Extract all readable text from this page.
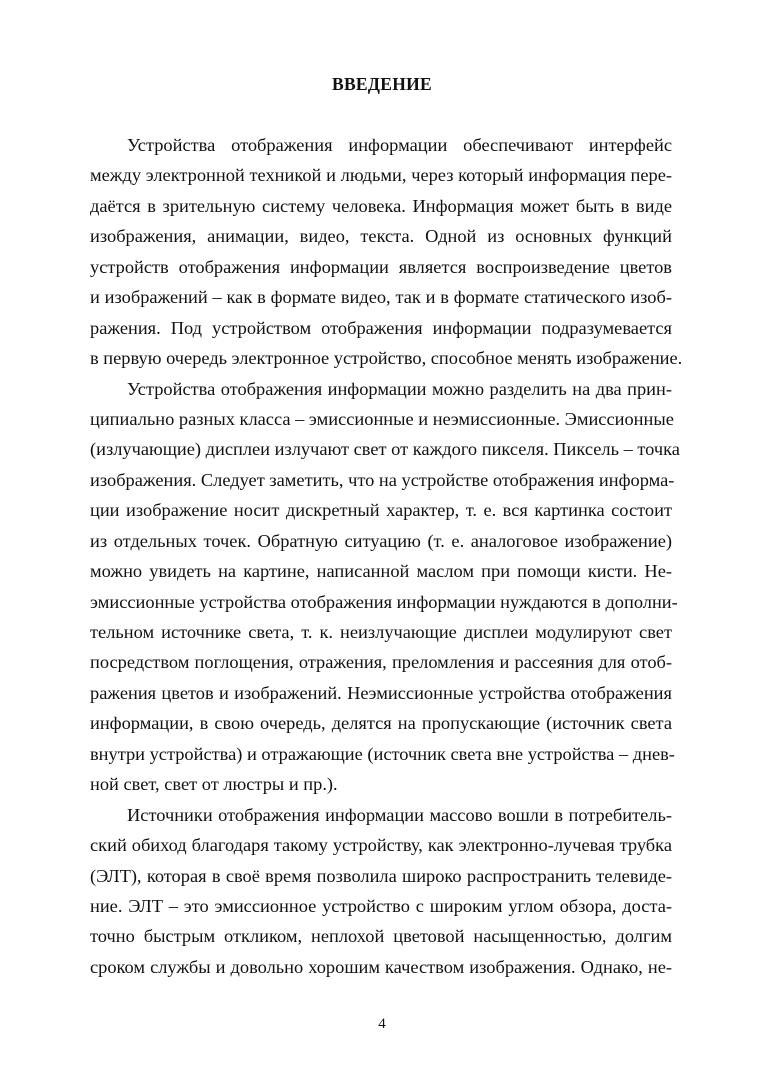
ВВЕДЕНИЕ
Устройства отображения информации обеспечивают интерфейс
между электронной техникой и людьми, через который информация пере-
даётся в зрительную систему человека. Информация может быть в виде
изображения, анимации, видео, текста. Одной из основных функций
устройств отображения информации является воспроизведение цветов
и изображений – как в формате видео, так и в формате статического изоб-
ражения. Под устройством отображения информации подразумевается
в первую очередь электронное устройство, способное менять изображение.
Устройства отображения информации можно разделить на два прин-
ципиально разных класса – эмиссионные и неэмиссионные. Эмиссионные
(излучающие) дисплеи излучают свет от каждого пикселя. Пиксель – точка
изображения. Следует заметить, что на устройстве отображения информа-
ции изображение носит дискретный характер, т. е. вся картинка состоит
из отдельных точек. Обратную ситуацию (т. е. аналоговое изображение)
можно увидеть на картине, написанной маслом при помощи кисти. Не-
эмиссионные устройства отображения информации нуждаются в дополни-
тельном источнике света, т. к. неизлучающие дисплеи модулируют свет
посредством поглощения, отражения, преломления и рассеяния для отоб-
ражения цветов и изображений. Неэмиссионные устройства отображения
информации, в свою очередь, делятся на пропускающие (источник света
внутри устройства) и отражающие (источник света вне устройства – днев-
ной свет, свет от люстры и пр.).
Источники отображения информации массово вошли в потребитель-
ский обиход благодаря такому устройству, как электронно-лучевая трубка
(ЭЛТ), которая в своё время позволила широко распространить телевиде-
ние. ЭЛТ – это эмиссионное устройство с широким углом обзора, доста-
точно быстрым откликом, неплохой цветовой насыщенностью, долгим
сроком службы и довольно хорошим качеством изображения. Однако, не-
4
